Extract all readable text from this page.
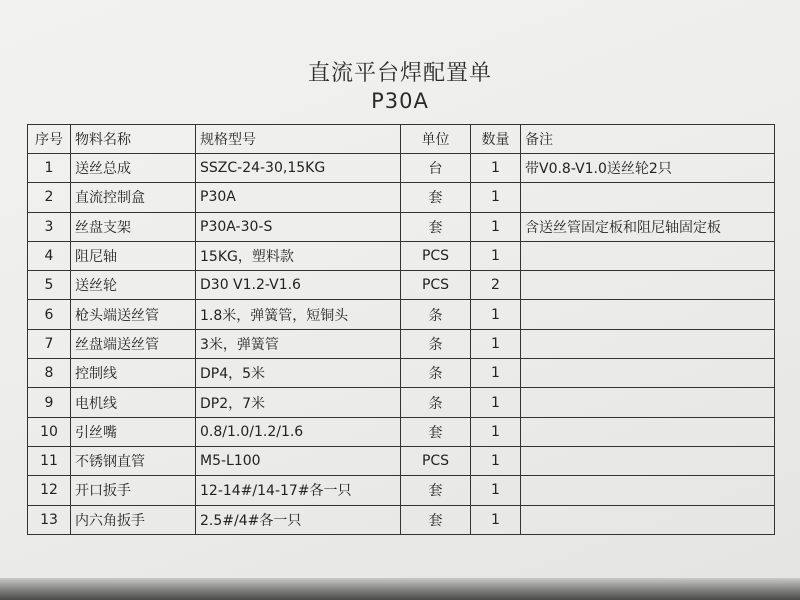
直流平台焊配置单
P30A
序号	物料名称	规格型号	单位	数量	备注
1	送丝总成	SSZC-24-30,15KG	台	1	带V0.8-V1.0送丝轮2只
2	直流控制盒	P30A	套	1	
3	丝盘支架	P30A-30-S	套	1	含送丝管固定板和阻尼轴固定板
4	阻尼轴	15KG，塑料款	PCS	1	
5	送丝轮	D30 V1.2-V1.6	PCS	2	
6	枪头端送丝管	1.8米，弹簧管，短铜头	条	1	
7	丝盘端送丝管	3米，弹簧管	条	1	
8	控制线	DP4，5米	条	1	
9	电机线	DP2，7米	条	1	
10	引丝嘴	0.8/1.0/1.2/1.6	套	1	
11	不锈钢直管	M5-L100	PCS	1	
12	开口扳手	12-14#/14-17#各一只	套	1	
13	内六角扳手	2.5#/4#各一只	套	1	
